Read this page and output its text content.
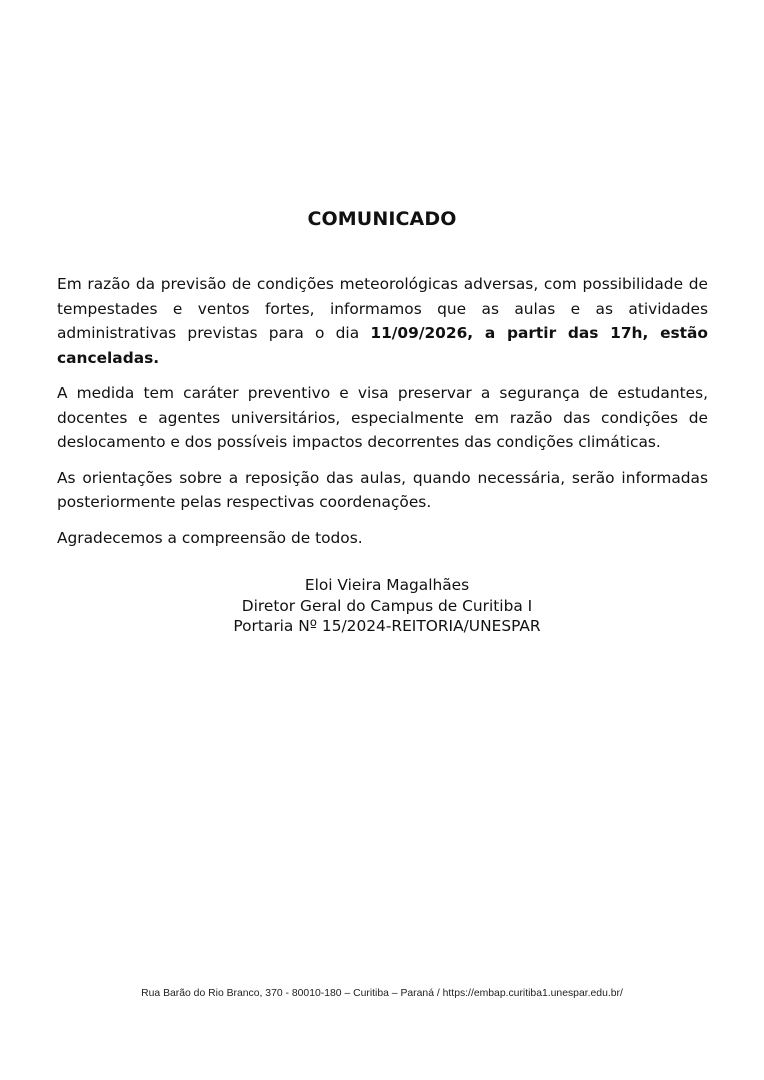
COMUNICADO

Em razão da previsão de condições meteorológicas adversas, com possibilidade de tempestades e ventos fortes, informamos que as aulas e as atividades administrativas previstas para o dia 11/09/2026, a partir das 17h, estão canceladas.

A medida tem caráter preventivo e visa preservar a segurança de estudantes, docentes e agentes universitários, especialmente em razão das condições de deslocamento e dos possíveis impactos decorrentes das condições climáticas.

As orientações sobre a reposição das aulas, quando necessária, serão informadas posteriormente pelas respectivas coordenações.

Agradecemos a compreensão de todos.

Eloi Vieira Magalhães
Diretor Geral do Campus de Curitiba I
Portaria Nº 15/2024-REITORIA/UNESPAR
Rua Barão do Rio Branco, 370 - 80010-180 – Curitiba – Paraná / https://embap.curitiba1.unespar.edu.br/
